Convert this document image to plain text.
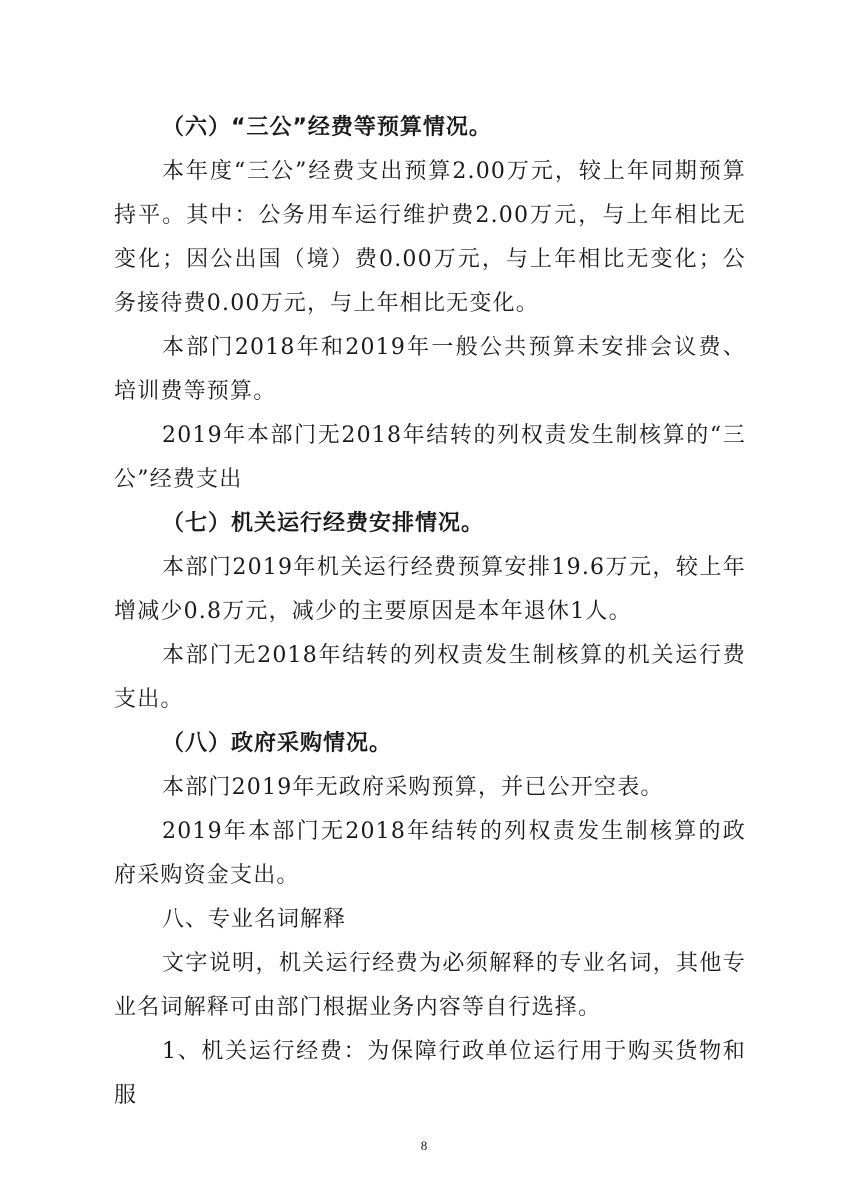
（六）“三公”经费等预算情况。

本年度“三公”经费支出预算2.00万元，较上年同期预算持平。其中：公务用车运行维护费2.00万元，与上年相比无变化；因公出国（境）费0.00万元，与上年相比无变化；公务接待费0.00万元，与上年相比无变化。

本部门2018年和2019年一般公共预算未安排会议费、培训费等预算。

2019年本部门无2018年结转的列权责发生制核算的“三公”经费支出

（七）机关运行经费安排情况。

本部门2019年机关运行经费预算安排19.6万元，较上年增减少0.8万元，减少的主要原因是本年退休1人。

本部门无2018年结转的列权责发生制核算的机关运行费支出。

（八）政府采购情况。

本部门2019年无政府采购预算，并已公开空表。

2019年本部门无2018年结转的列权责发生制核算的政府采购资金支出。

八、专业名词解释

文字说明，机关运行经费为必须解释的专业名词，其他专业名词解释可由部门根据业务内容等自行选择。

1、机关运行经费：为保障行政单位运行用于购买货物和服

8
